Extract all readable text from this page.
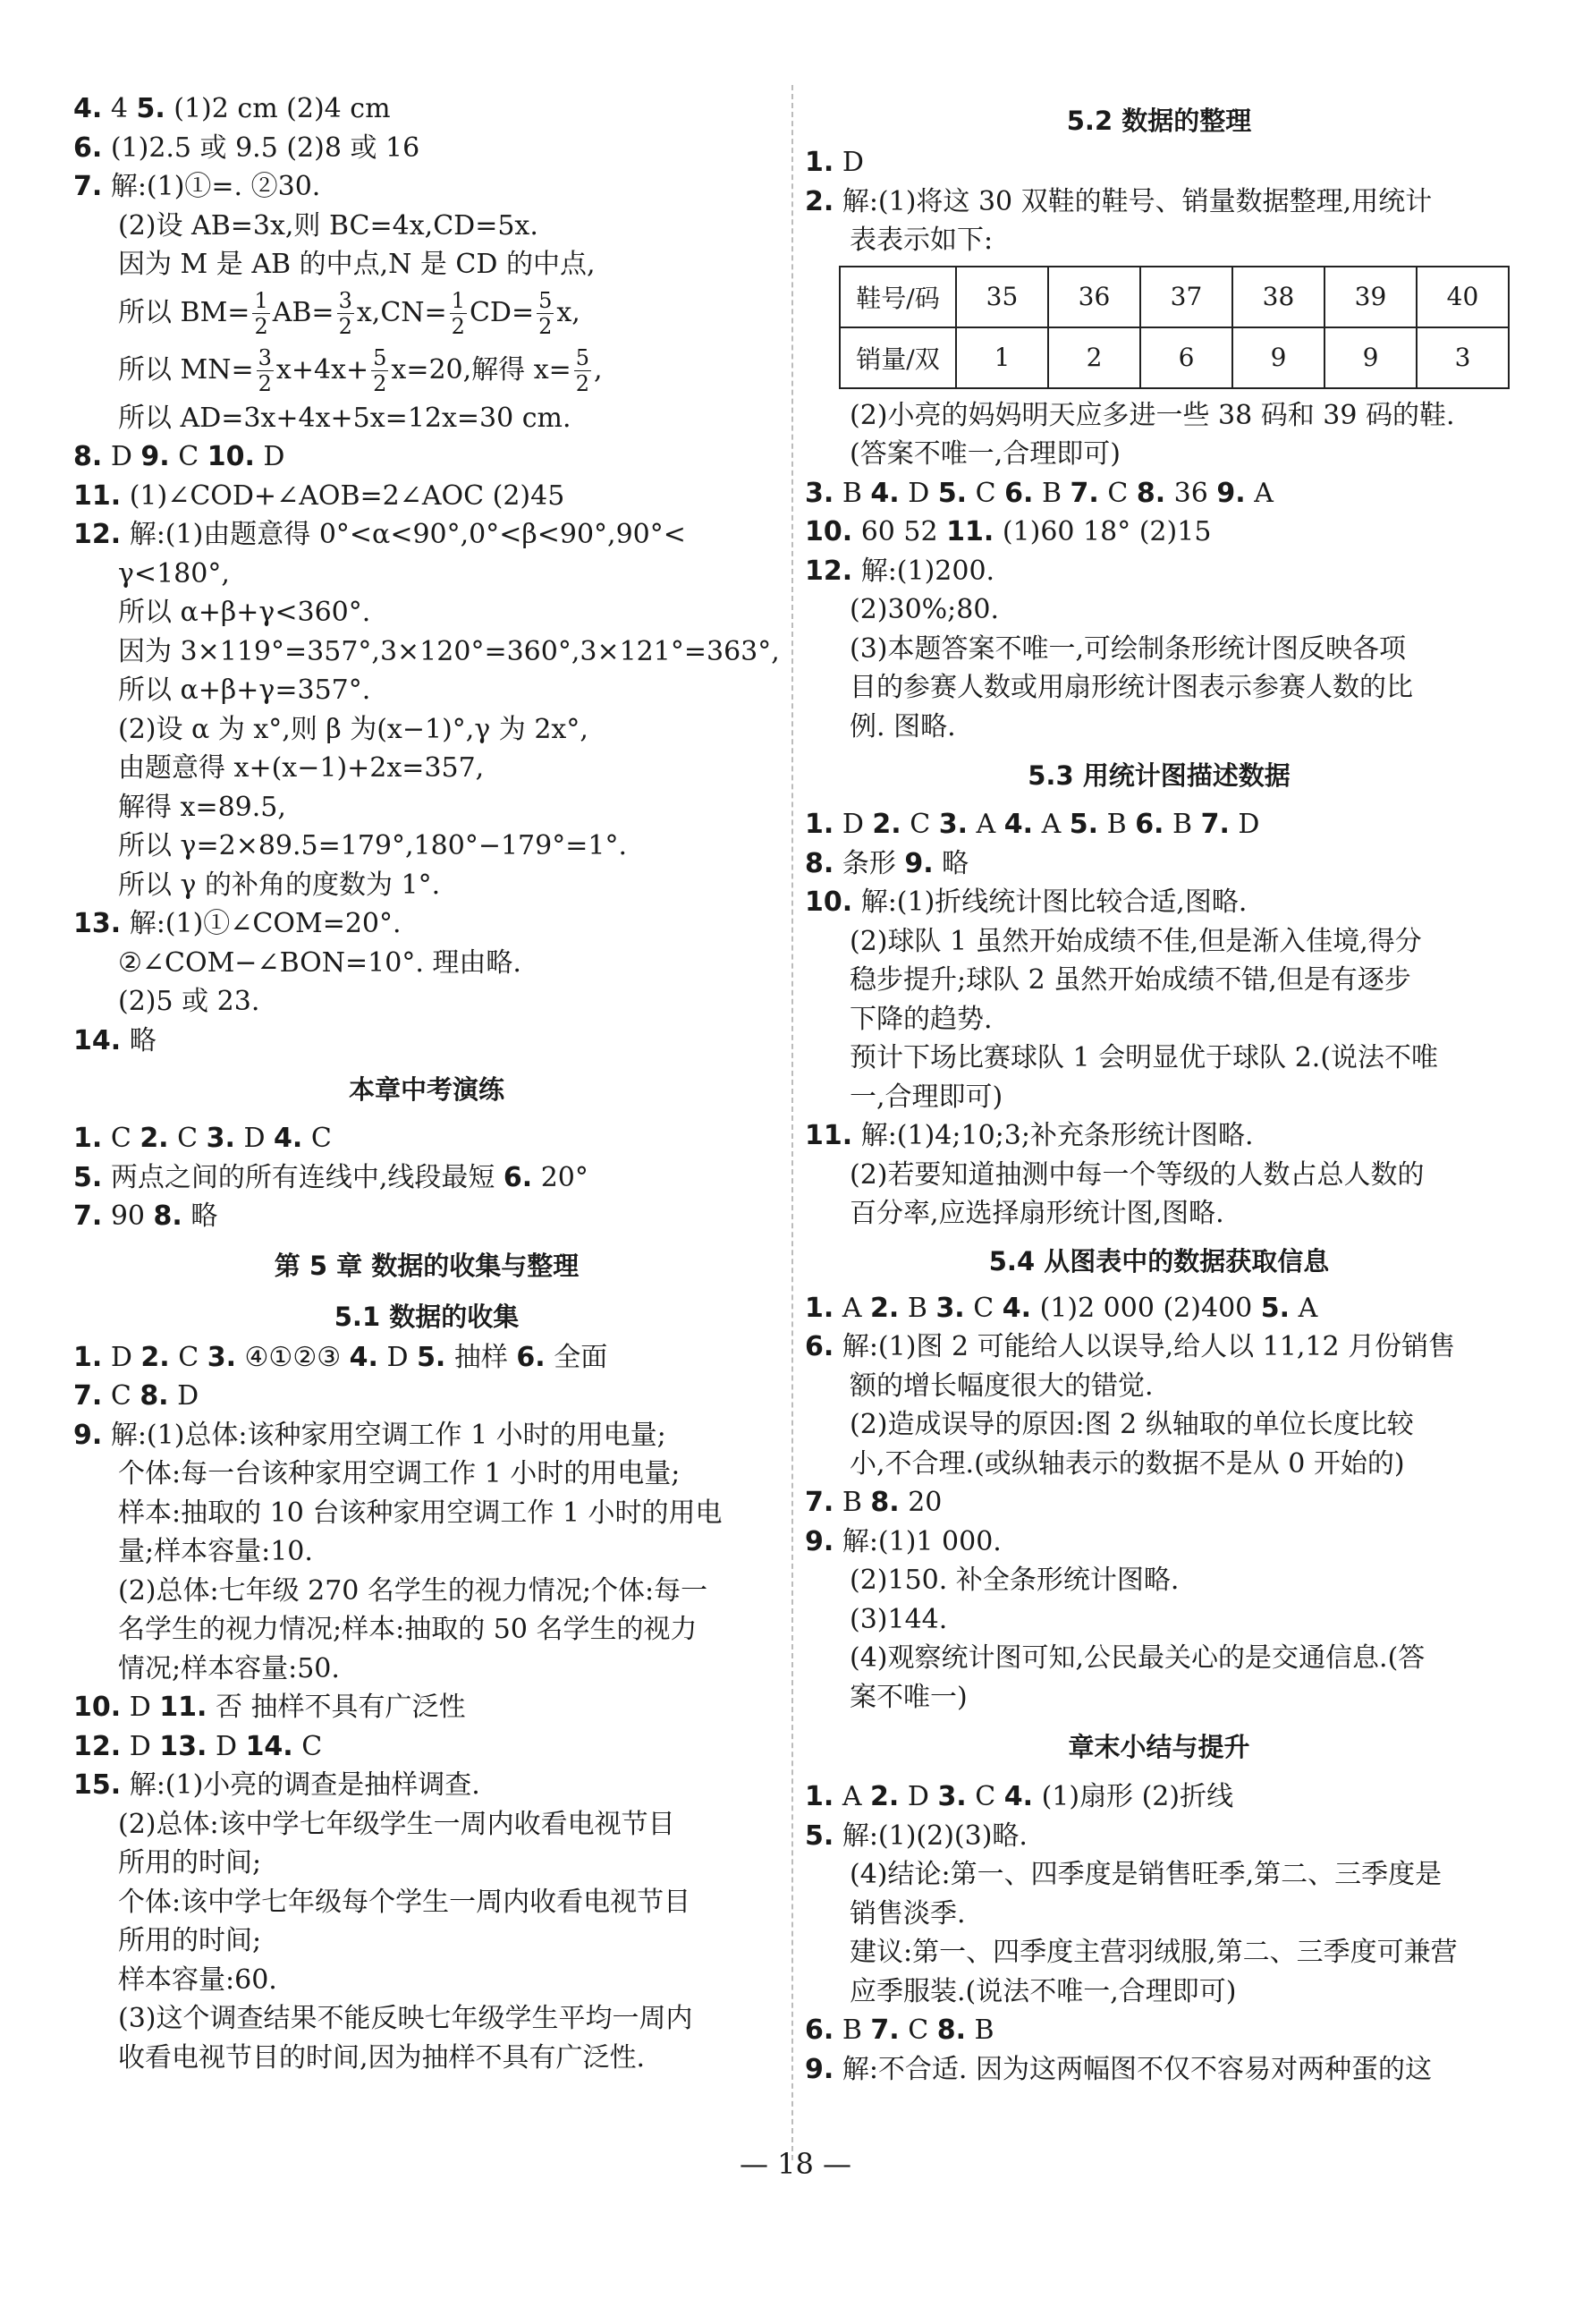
4. 4 5. (1)2 cm (2)4 cm
6. (1)2.5 或 9.5 (2)8 或 16
7. 解:(1)①=. ②30.
(2)设 AB=3x,则 BC=4x,CD=5x.
因为 M 是 AB 的中点,N 是 CD 的中点,
所以 $BM= \frac{1}{2} AB= \frac{3}{2} x,CN= \frac{1}{2} CD= \frac{5}{2} x$,
所以 $MN= \frac{3}{2} x+4x+ \frac{5}{2} x=20$,解得 $x= \frac{5}{2}$ ,
所以 AD=3x+4x+5x=12x=30 cm.
8. D 9. C 10. D
11. (1)∠COD+∠AOB=2∠AOC (2)45
12. 解:(1)由题意得 0°<α<90°,0°<β<90°,90°<
γ<180°,
所以 α+β+γ<360°.
因为 3×119°=357°,3×120°=360°,3×121°=363°,
所以 α+β+γ=357°.
(2)设 α 为 x°,则 β 为(x−1)°,γ 为 2x°,
由题意得 x+(x−1)+2x=357,
解得 x=89.5,
所以 γ=2×89.5=179°,180°−179°=1°.
所以 γ 的补角的度数为 1°.
13. 解:(1)①∠COM=20°.
②∠COM−∠BON=10°. 理由略.
(2)5 或 23.
14. 略
本章中考演练
1. C 2. C 3. D 4. C
5. 两点之间的所有连线中,线段最短 6. 20°
7. 90 8. 略
第 5 章 数据的收集与整理
5.1 数据的收集
1. D 2. C 3. ④①②③ 4. D 5. 抽样 6. 全面
7. C 8. D
9. 解:(1)总体:该种家用空调工作 1 小时的用电量;
个体:每一台该种家用空调工作 1 小时的用电量;
样本:抽取的 10 台该种家用空调工作 1 小时的用电
量;样本容量:10.
(2)总体:七年级 270 名学生的视力情况;个体:每一
名学生的视力情况;样本:抽取的 50 名学生的视力
情况;样本容量:50.
10. D 11. 否 抽样不具有广泛性
12. D 13. D 14. C
15. 解:(1)小亮的调查是抽样调查.
(2)总体:该中学七年级学生一周内收看电视节目
所用的时间;
个体:该中学七年级每个学生一周内收看电视节目
所用的时间;
样本容量:60.
(3)这个调查结果不能反映七年级学生平均一周内
收看电视节目的时间,因为抽样不具有广泛性.
5.2 数据的整理
1. D
2. 解:(1)将这 30 双鞋的鞋号、销量数据整理,用统计
表表示如下:
鞋号/码	35	36	37	38	39	40
销量/双	1	2	6	9	9	3
(2)小亮的妈妈明天应多进一些 38 码和 39 码的鞋.
(答案不唯一,合理即可)
3. B 4. D 5. C 6. B 7. C 8. 36 9. A
10. 60 52 11. (1)60 18° (2)15
12. 解:(1)200.
(2)30%;80.
(3)本题答案不唯一,可绘制条形统计图反映各项
目的参赛人数或用扇形统计图表示参赛人数的比
例. 图略.
5.3 用统计图描述数据
1. D 2. C 3. A 4. A 5. B 6. B 7. D
8. 条形 9. 略
10. 解:(1)折线统计图比较合适,图略.
(2)球队 1 虽然开始成绩不佳,但是渐入佳境,得分
稳步提升;球队 2 虽然开始成绩不错,但是有逐步
下降的趋势.
预计下场比赛球队 1 会明显优于球队 2.(说法不唯
一,合理即可)
11. 解:(1)4;10;3;补充条形统计图略.
(2)若要知道抽测中每一个等级的人数占总人数的
百分率,应选择扇形统计图,图略.
5.4 从图表中的数据获取信息
1. A 2. B 3. C 4. (1)2 000 (2)400 5. A
6. 解:(1)图 2 可能给人以误导,给人以 11,12 月份销售
额的增长幅度很大的错觉.
(2)造成误导的原因:图 2 纵轴取的单位长度比较
小,不合理.(或纵轴表示的数据不是从 0 开始的)
7. B 8. 20
9. 解:(1)1 000.
(2)150. 补全条形统计图略.
(3)144.
(4)观察统计图可知,公民最关心的是交通信息.(答
案不唯一)
章末小结与提升
1. A 2. D 3. C 4. (1)扇形 (2)折线
5. 解:(1)(2)(3)略.
(4)结论:第一、四季度是销售旺季,第二、三季度是
销售淡季.
建议:第一、四季度主营羽绒服,第二、三季度可兼营
应季服装.(说法不唯一,合理即可)
6. B 7. C 8. B
9. 解:不合适. 因为这两幅图不仅不容易对两种蛋的这
— 18 —
